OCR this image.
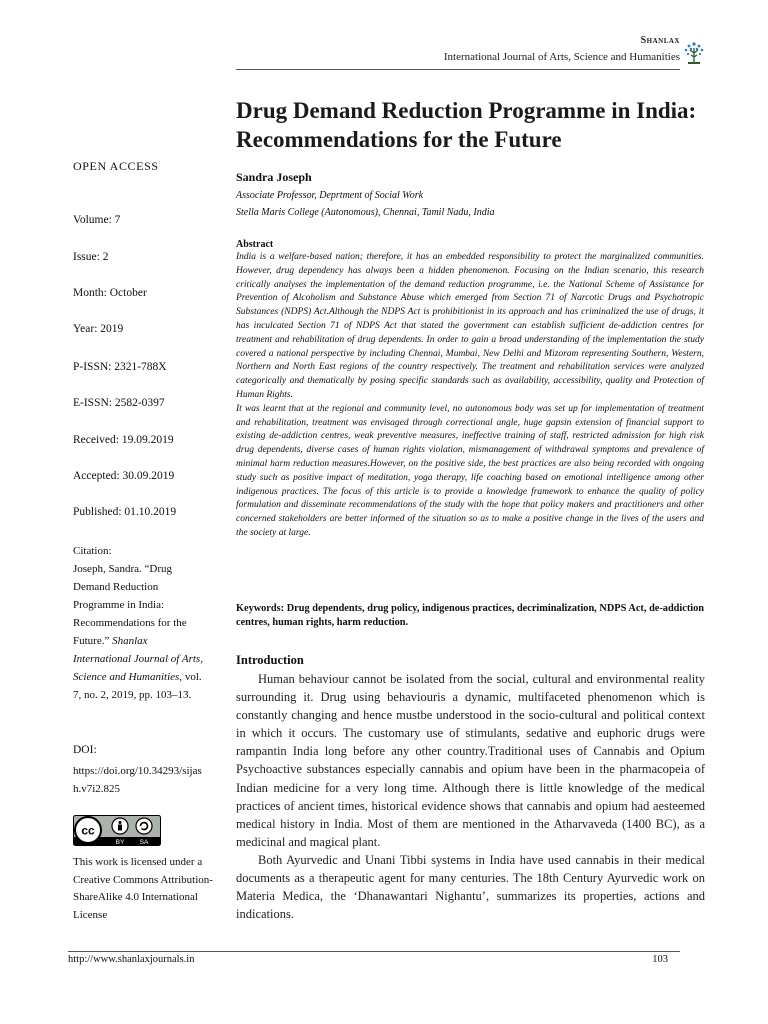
Shanlax
International Journal of Arts, Science and Humanities
Drug Demand Reduction Programme in India: Recommendations for the Future
Sandra Joseph
Associate Professor, Deprtment of Social Work
Stella Maris College (Autonomous), Chennai, Tamil Nadu, India
OPEN ACCESS
Volume: 7
Issue: 2
Month: October
Year: 2019
P-ISSN: 2321-788X
E-ISSN: 2582-0397
Received: 19.09.2019
Accepted: 30.09.2019
Published: 01.10.2019
Citation:
Joseph, Sandra. “Drug Demand Reduction Programme in India: Recommendations for the Future.” Shanlax International Journal of Arts, Science and Humanities, vol. 7, no. 2, 2019, pp. 103–13.
DOI:
https://doi.org/10.34293/sijash.v7i2.825
cc
BY SA
This work is licensed under a Creative Commons Attribution-ShareAlike 4.0 International License
Abstract

India is a welfare-based nation; therefore, it has an embedded responsibility to protect the marginalized communities. However, drug dependency has always been a hidden phenomenon. Focusing on the Indian scenario, this research critically analyses the implementation of the demand reduction programme, i.e. the National Scheme of Assistance for Prevention of Alcoholism and Substance Abuse which emerged from Section 71 of Narcotic Drugs and Psychotropic Substances (NDPS) Act.Although the NDPS Act is prohibitionist in its approach and has criminalized the use of drugs, it has inculcated Section 71 of NDPS Act that stated the government can establish sufficient de-addiction centres for treatment and rehabilitation of drug dependents. In order to gain a broad understanding of the implementation the study covered a national perspective by including Chennai, Mumbai, New Delhi and Mizoram representing Southern, Western, Northern and North East regions of the country respectively. The treatment and rehabilitation services were analyzed categorically and thematically by posing specific standards such as availability, accessibility, quality and Protection of Human Rights.

It was learnt that at the regional and community level, no autonomous body was set up for implementation of treatment and rehabilitation, treatment was envisaged through correctional angle, huge gapsin extension of financial support to existing de-addiction centres, weak preventive measures, ineffective training of staff, restricted admission for high risk drug dependents, diverse cases of human rights violation, mismanagement of withdrawal symptoms and prevalence of minimal harm reduction measures.However, on the positive side, the best practices are also being recorded with ongoing study such as positive impact of meditation, yoga therapy, life coaching based on emotional intelligence among other indigenous practices. The focus of this article is to provide a knowledge framework to enhance the quality of policy formulation and disseminate recommendations of the study with the hope that policy makers and practitioners and other concerned stakeholders are better informed of the situation so as to make a positive change in the lives of the users and the society at large.

Keywords: Drug dependents, drug policy, indigenous practices, decriminalization, NDPS Act, de-addiction centres, human rights, harm reduction.
Introduction

Human behaviour cannot be isolated from the social, cultural and environmental reality surrounding it. Drug using behaviouris a dynamic, multifaceted phenomenon which is constantly changing and hence mustbe understood in the socio-cultural and political context in which it occurs. The customary use of stimulants, sedative and euphoric drugs were rampantin India long before any other country.Traditional uses of Cannabis and Opium Psychoactive substances especially cannabis and opium have been in the pharmacopeia of Indian medicine for a very long time. Although there is little knowledge of the medical practices of ancient times, historical evidence shows that cannabis and opium had aesteemed medical history in India. Most of them are mentioned in the Atharvaveda (1400 BC), as a medicinal and magical plant.

Both Ayurvedic and Unani Tibbi systems in India have used cannabis in their medical documents as a therapeutic agent for many centuries. The 18th Century Ayurvedic work on Materia Medica, the ‘Dhanawantari Nighantu’, summarizes its properties, actions and indications.

http://www.shanlaxjournals.in	103
